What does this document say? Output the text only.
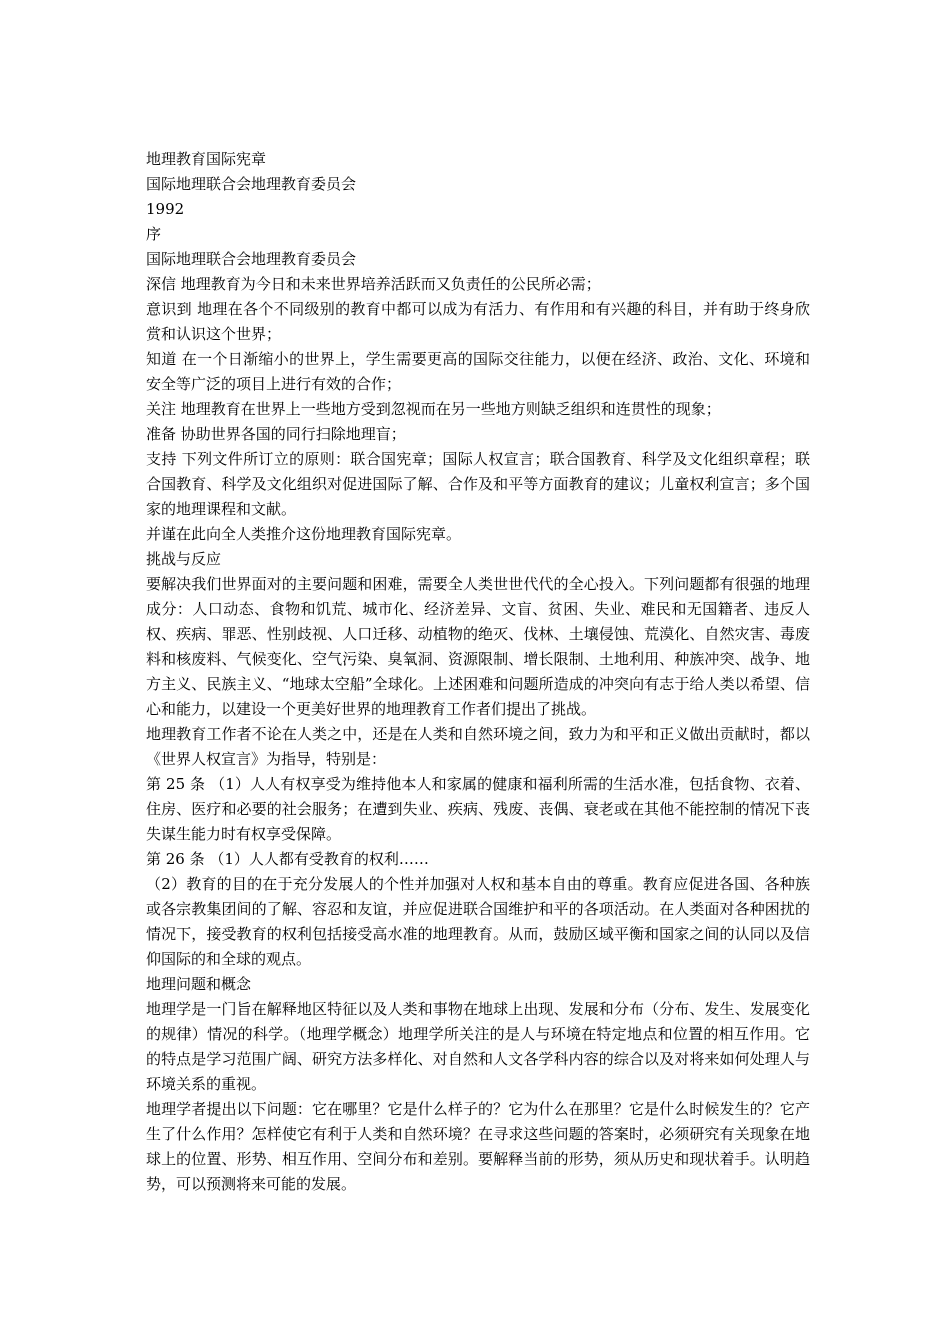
地理教育国际宪章

国际地理联合会地理教育委员会

1992

序

国际地理联合会地理教育委员会

深信 地理教育为今日和未来世界培养活跃而又负责任的公民所必需；

意识到 地理在各个不同级别的教育中都可以成为有活力、有作用和有兴趣的科目，并有助于终身欣赏和认识这个世界；

知道 在一个日渐缩小的世界上，学生需要更高的国际交往能力，以便在经济、政治、文化、环境和安全等广泛的项目上进行有效的合作；

关注 地理教育在世界上一些地方受到忽视而在另一些地方则缺乏组织和连贯性的现象；

准备 协助世界各国的同行扫除地理盲；

支持 下列文件所订立的原则：联合国宪章；国际人权宣言；联合国教育、科学及文化组织章程；联合国教育、科学及文化组织对促进国际了解、合作及和平等方面教育的建议；儿童权利宣言；多个国家的地理课程和文献。

并谨在此向全人类推介这份地理教育国际宪章。

挑战与反应

要解决我们世界面对的主要问题和困难，需要全人类世世代代的全心投入。下列问题都有很强的地理成分：人口动态、食物和饥荒、城市化、经济差异、文盲、贫困、失业、难民和无国籍者、违反人权、疾病、罪恶、性别歧视、人口迁移、动植物的绝灭、伐林、土壤侵蚀、荒漠化、自然灾害、毒废料和核废料、气候变化、空气污染、臭氧洞、资源限制、增长限制、土地利用、种族冲突、战争、地方主义、民族主义、“地球太空船”全球化。上述困难和问题所造成的冲突向有志于给人类以希望、信心和能力，以建设一个更美好世界的地理教育工作者们提出了挑战。

地理教育工作者不论在人类之中，还是在人类和自然环境之间，致力为和平和正义做出贡献时，都以《世界人权宣言》为指导，特别是：

第 25 条 （1）人人有权享受为维持他本人和家属的健康和福利所需的生活水准，包括食物、衣着、住房、医疗和必要的社会服务；在遭到失业、疾病、残废、丧偶、衰老或在其他不能控制的情况下丧失谋生能力时有权享受保障。

第 26 条 （1）人人都有受教育的权利……

（2）教育的目的在于充分发展人的个性并加强对人权和基本自由的尊重。教育应促进各国、各种族或各宗教集团间的了解、容忍和友谊，并应促进联合国维护和平的各项活动。在人类面对各种困扰的情况下，接受教育的权利包括接受高水准的地理教育。从而，鼓励区域平衡和国家之间的认同以及信仰国际的和全球的观点。

地理问题和概念

地理学是一门旨在解释地区特征以及人类和事物在地球上出现、发展和分布（分布、发生、发展变化的规律）情况的科学。（地理学概念）地理学所关注的是人与环境在特定地点和位置的相互作用。它的特点是学习范围广阔、研究方法多样化、对自然和人文各学科内容的综合以及对将来如何处理人与环境关系的重视。

地理学者提出以下问题：它在哪里？它是什么样子的？它为什么在那里？它是什么时候发生的？它产生了什么作用？怎样使它有利于人类和自然环境？在寻求这些问题的答案时，必须研究有关现象在地球上的位置、形势、相互作用、空间分布和差别。要解释当前的形势，须从历史和现状着手。认明趋势，可以预测将来可能的发展。
